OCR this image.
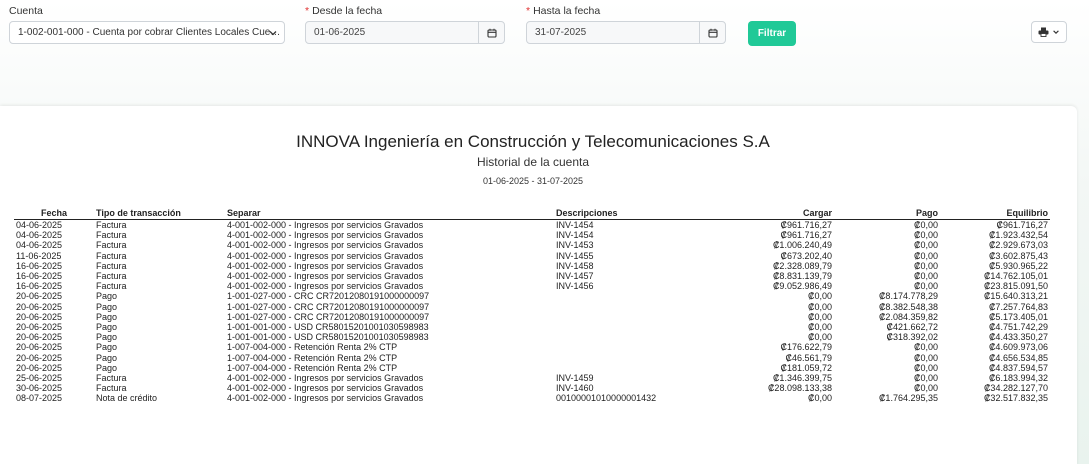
Cuenta
1-002-001-000 - Cuenta por cobrar Clientes Locales Cue…
* Desde la fecha
01-06-2025
* Hasta la fecha
31-07-2025	Filtrar
INNOVA Ingeniería en Construcción y Telecomunicaciones S.A
Historial de la cuenta
01-06-2025 - 31-07-2025
Fecha	Tipo de transacción	Separar	Descripciones	Cargar	Pago	Equilibrio
04-06-2025	Factura	4-001-002-000 - Ingresos por servicios Gravados	INV-1454	₡961.716,27	₡0,00	₡961.716,27
04-06-2025	Factura	4-001-002-000 - Ingresos por servicios Gravados	INV-1454	₡961.716,27	₡0,00	₡1.923.432,54
04-06-2025	Factura	4-001-002-000 - Ingresos por servicios Gravados	INV-1453	₡1.006.240,49	₡0,00	₡2.929.673,03
11-06-2025	Factura	4-001-002-000 - Ingresos por servicios Gravados	INV-1455	₡673.202,40	₡0,00	₡3.602.875,43
16-06-2025	Factura	4-001-002-000 - Ingresos por servicios Gravados	INV-1458	₡2.328.089,79	₡0,00	₡5.930.965,22
16-06-2025	Factura	4-001-002-000 - Ingresos por servicios Gravados	INV-1457	₡8.831.139,79	₡0,00	₡14.762.105,01
16-06-2025	Factura	4-001-002-000 - Ingresos por servicios Gravados	INV-1456	₡9.052.986,49	₡0,00	₡23.815.091,50
20-06-2025	Pago	1-001-027-000 - CRC CR72012080191000000097		₡0,00	₡8.174.778,29	₡15.640.313,21
20-06-2025	Pago	1-001-027-000 - CRC CR72012080191000000097		₡0,00	₡8.382.548,38	₡7.257.764,83
20-06-2025	Pago	1-001-027-000 - CRC CR72012080191000000097		₡0,00	₡2.084.359,82	₡5.173.405,01
20-06-2025	Pago	1-001-001-000 - USD CR58015201001030598983		₡0,00	₡421.662,72	₡4.751.742,29
20-06-2025	Pago	1-001-001-000 - USD CR58015201001030598983		₡0,00	₡318.392,02	₡4.433.350,27
20-06-2025	Pago	1-007-004-000 - Retención Renta 2% CTP		₡176.622,79	₡0,00	₡4.609.973,06
20-06-2025	Pago	1-007-004-000 - Retención Renta 2% CTP		₡46.561,79	₡0,00	₡4.656.534,85
20-06-2025	Pago	1-007-004-000 - Retención Renta 2% CTP		₡181.059,72	₡0,00	₡4.837.594,57
25-06-2025	Factura	4-001-002-000 - Ingresos por servicios Gravados	INV-1459	₡1.346.399,75	₡0,00	₡6.183.994,32
30-06-2025	Factura	4-001-002-000 - Ingresos por servicios Gravados	INV-1460	₡28.098.133,38	₡0,00	₡34.282.127,70
08-07-2025	Nota de crédito	4-001-002-000 - Ingresos por servicios Gravados	00100001010000001432	₡0,00	₡1.764.295,35	₡32.517.832,35
